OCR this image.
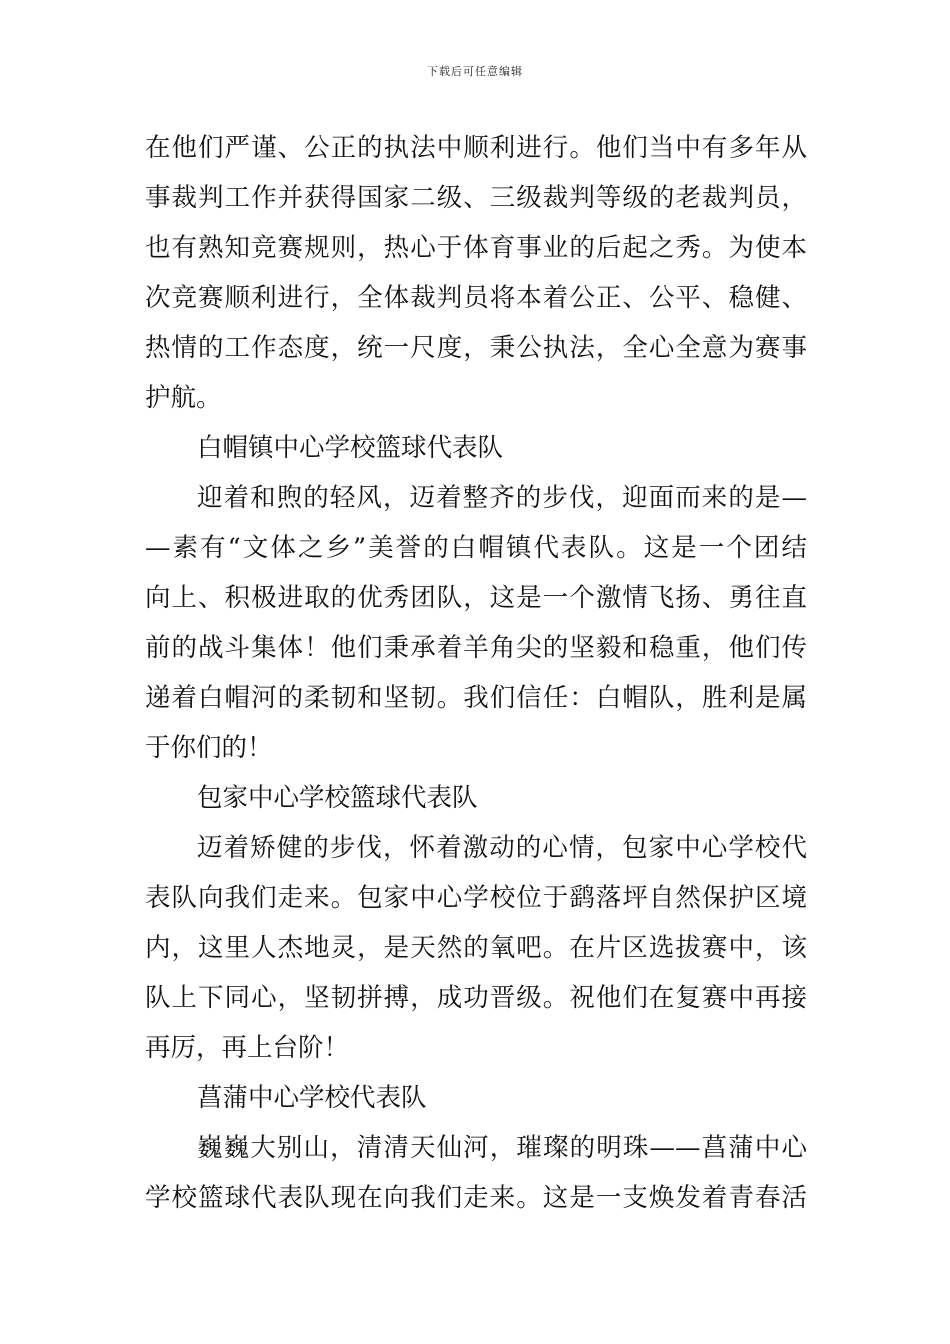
下载后可任意编辑
在他们严谨、公正的执法中顺利进行。他们当中有多年从
事裁判工作并获得国家二级、三级裁判等级的老裁判员，
也有熟知竞赛规则，热心于体育事业的后起之秀。为使本
次竞赛顺利进行，全体裁判员将本着公正、公平、稳健、
热情的工作态度，统一尺度，秉公执法，全心全意为赛事
护航。
白帽镇中心学校篮球代表队
迎着和煦的轻风，迈着整齐的步伐，迎面而来的是—
—素有“文体之乡”美誉的白帽镇代表队。这是一个团结
向上、积极进取的优秀团队，这是一个激情飞扬、勇往直
前的战斗集体！他们秉承着羊角尖的坚毅和稳重，他们传
递着白帽河的柔韧和坚韧。我们信任：白帽队，胜利是属
于你们的！
包家中心学校篮球代表队
迈着矫健的步伐，怀着激动的心情，包家中心学校代
表队向我们走来。包家中心学校位于鹞落坪自然保护区境
内，这里人杰地灵，是天然的氧吧。在片区选拔赛中，该
队上下同心，坚韧拼搏，成功晋级。祝他们在复赛中再接
再厉，再上台阶！
菖蒲中心学校代表队
巍巍大别山，清清天仙河，璀璨的明珠——菖蒲中心
学校篮球代表队现在向我们走来。这是一支焕发着青春活
